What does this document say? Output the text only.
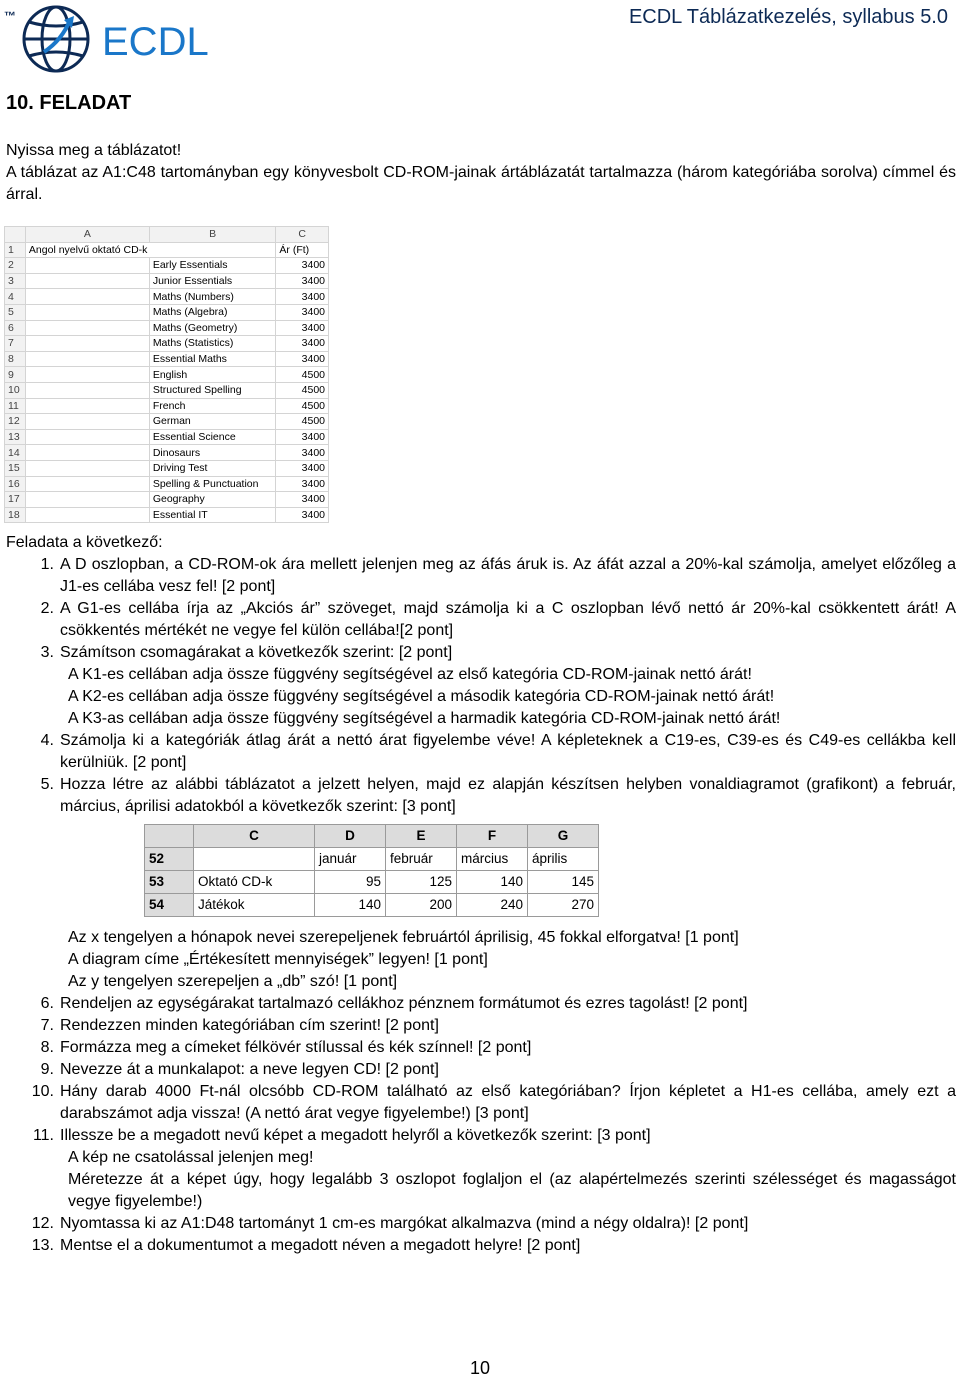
™
ECDL
ECDL Táblázatkezelés, syllabus 5.0
10. FELADAT
Nyissa meg a táblázatot!
A táblázat az A1:C48 tartományban egy könyvesbolt CD-ROM-jainak ártáblázatát tartalmazza (három kategóriába sorolva) címmel és árral.
	A	B	C
1	Angol nyelvű oktató CD-k		Ár (Ft)
2		Early Essentials	3400
3		Junior Essentials	3400
4		Maths (Numbers)	3400
5		Maths (Algebra)	3400
6		Maths (Geometry)	3400
7		Maths (Statistics)	3400
8		Essential Maths	3400
9		English	4500
10		Structured Spelling	4500
11		French	4500
12		German	4500
13		Essential Science	3400
14		Dinosaurs	3400
15		Driving Test	3400
16		Spelling & Punctuation	3400
17		Geography	3400
18		Essential IT	3400
Feladata a következő:
1. A D oszlopban, a CD-ROM-ok ára mellett jelenjen meg az áfás áruk is. Az áfát azzal a 20%-kal számolja, amelyet előzőleg a J1-es cellába vesz fel! [2 pont]
2. A G1-es cellába írja az „Akciós ár” szöveget, majd számolja ki a C oszlopban lévő nettó ár 20%-kal csökkentett árát! A csökkentés mértékét ne vegye fel külön cellába![2 pont]
3. Számítson csomagárakat a következők szerint: [2 pont]
A K1-es cellában adja össze függvény segítségével az első kategória CD-ROM-jainak nettó árát!
A K2-es cellában adja össze függvény segítségével a második kategória CD-ROM-jainak nettó árát!
A K3-as cellában adja össze függvény segítségével a harmadik kategória CD-ROM-jainak nettó árát!
4. Számolja ki a kategóriák átlag árát a nettó árat figyelembe véve! A képleteknek a C19-es, C39-es és C49-es cellákba kell kerülniük. [2 pont]
5. Hozza létre az alábbi táblázatot a jelzett helyen, majd ez alapján készítsen helyben vonaldiagramot (grafikont) a február, március, áprilisi adatokból a következők szerint: [3 pont]
	C	D	E	F	G
52		január	február	március	április
53	Oktató CD-k	95	125	140	145
54	Játékok	140	200	240	270
Az x tengelyen a hónapok nevei szerepeljenek februártól áprilisig, 45 fokkal elforgatva! [1 pont]
A diagram címe „Értékesített mennyiségek” legyen! [1 pont]
Az y tengelyen szerepeljen a „db” szó! [1 pont]
6. Rendeljen az egységárakat tartalmazó cellákhoz pénznem formátumot és ezres tagolást! [2 pont]
7. Rendezzen minden kategóriában cím szerint! [2 pont]
8. Formázza meg a címeket félkövér stílussal és kék színnel! [2 pont]
9. Nevezze át a munkalapot: a neve legyen CD! [2 pont]
10. Hány darab 4000 Ft-nál olcsóbb CD-ROM található az első kategóriában? Írjon képletet a H1-es cellába, amely ezt a darabszámot adja vissza! (A nettó árat vegye figyelembe!) [3 pont]
11. Illessze be a megadott nevű képet a megadott helyről a következők szerint: [3 pont]
A kép ne csatolással jelenjen meg!
Méretezze át a képet úgy, hogy legalább 3 oszlopot foglaljon el (az alapértelmezés szerinti szélességet és magasságot vegye figyelembe!)
12. Nyomtassa ki az A1:D48 tartományt 1 cm-es margókat alkalmazva (mind a négy oldalra)! [2 pont]
13. Mentse el a dokumentumot a megadott néven a megadott helyre! [2 pont]
10
